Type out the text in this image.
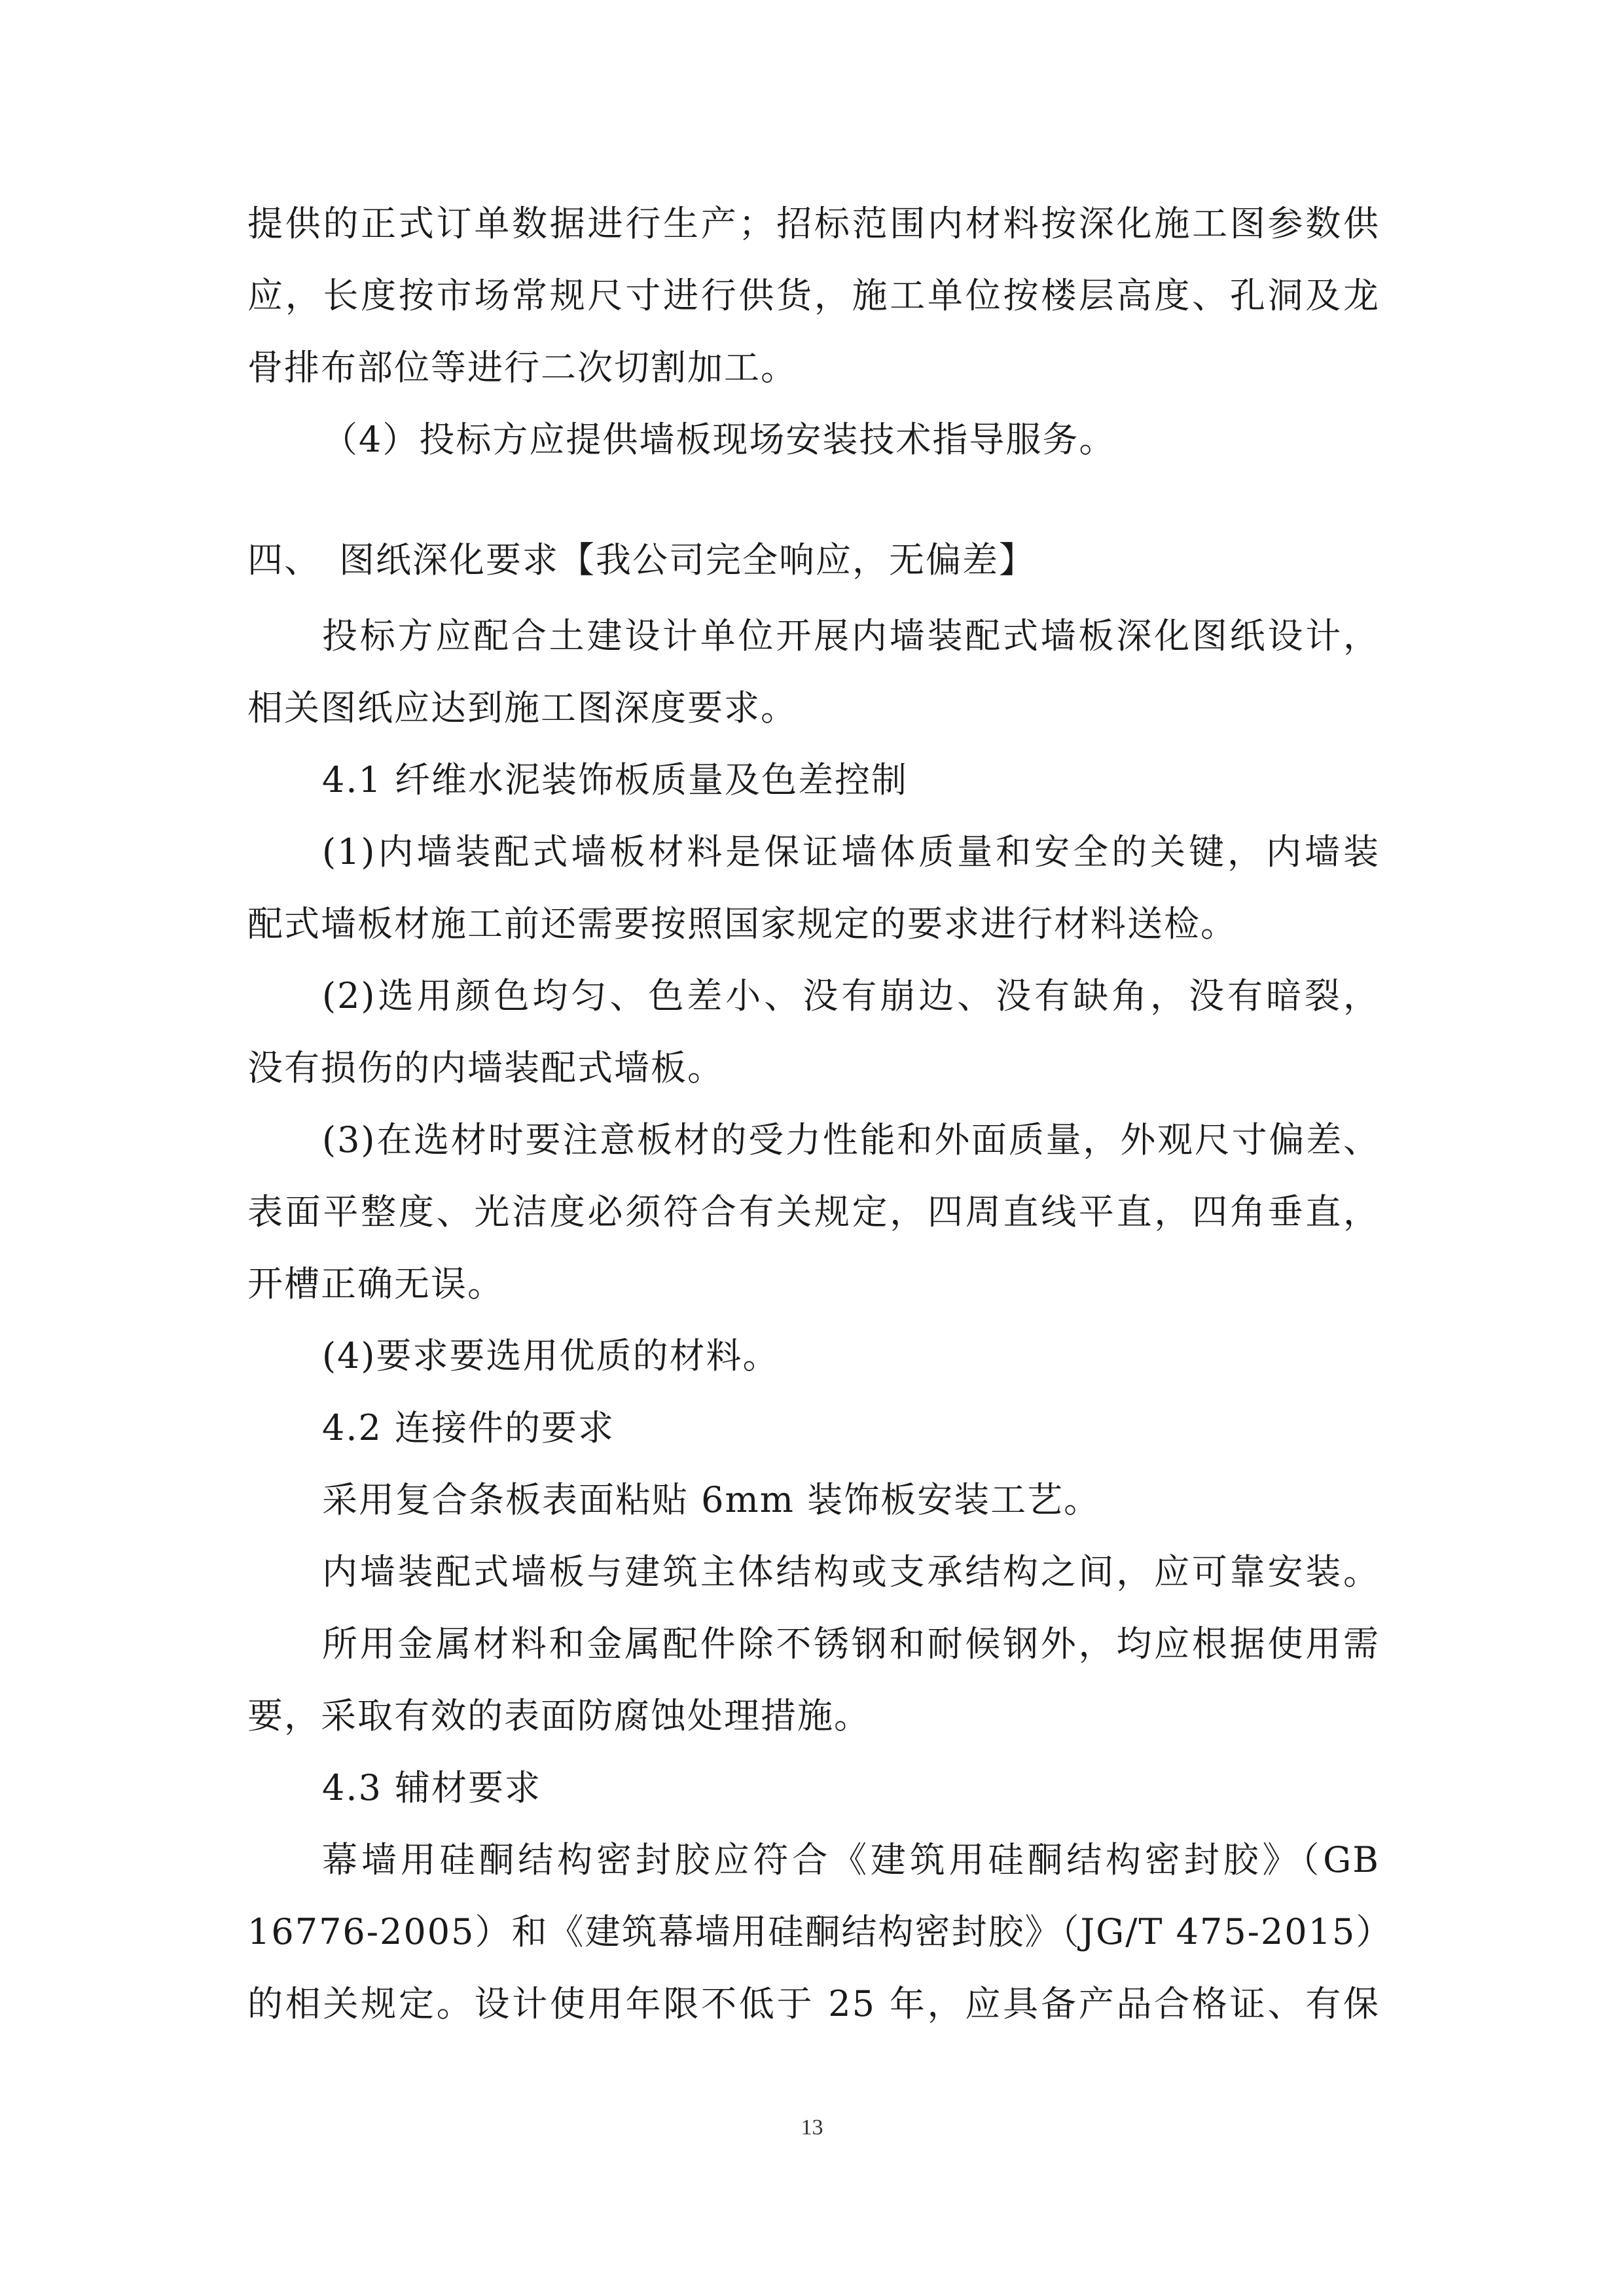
提供的正式订单数据进行生产；招标范围内材料按深化施工图参数供
应，长度按市场常规尺寸进行供货，施工单位按楼层高度、孔洞及龙
骨排布部位等进行二次切割加工。
（4）投标方应提供墙板现场安装技术指导服务。
四、 图纸深化要求【我公司完全响应，无偏差】
投标方应配合土建设计单位开展内墙装配式墙板深化图纸设计，
相关图纸应达到施工图深度要求。
4.1 纤维水泥装饰板质量及色差控制
(1)内墙装配式墙板材料是保证墙体质量和安全的关键，内墙装
配式墙板材施工前还需要按照国家规定的要求进行材料送检。
(2)选用颜色均匀、色差小、没有崩边、没有缺角，没有暗裂，
没有损伤的内墙装配式墙板。
(3)在选材时要注意板材的受力性能和外面质量，外观尺寸偏差、
表面平整度、光洁度必须符合有关规定，四周直线平直，四角垂直，
开槽正确无误。
(4)要求要选用优质的材料。
4.2 连接件的要求
采用复合条板表面粘贴 6mm 装饰板安装工艺。
内墙装配式墙板与建筑主体结构或支承结构之间，应可靠安装。
所用金属材料和金属配件除不锈钢和耐候钢外，均应根据使用需
要，采取有效的表面防腐蚀处理措施。
4.3 辅材要求
幕墙用硅酮结构密封胶应符合《建筑用硅酮结构密封胶》（GB
16776-2005）和《建筑幕墙用硅酮结构密封胶》（JG/T 475-2015）
的相关规定。设计使用年限不低于 25 年，应具备产品合格证、有保
13
